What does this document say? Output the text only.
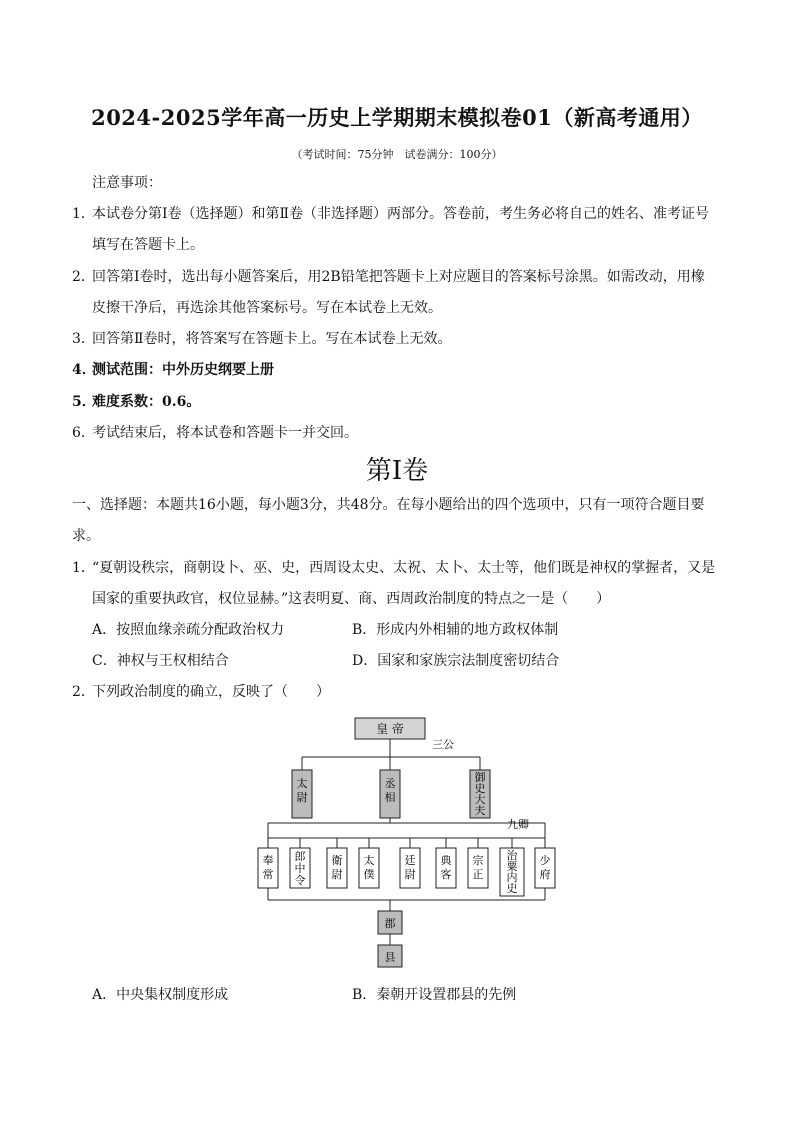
2024-2025学年高一历史上学期期末模拟卷01（新高考通用）
（考试时间：75分钟　试卷满分：100分）
注意事项：
1．
本试卷分第Ⅰ卷（选择题）和第Ⅱ卷（非选择题）两部分。答卷前，考生务必将自己的姓名、准考证号
填写在答题卡上。
2．
回答第Ⅰ卷时，选出每小题答案后，用2B铅笔把答题卡上对应题目的答案标号涂黑。如需改动，用橡
皮擦干净后，再选涂其他答案标号。写在本试卷上无效。
3．
回答第Ⅱ卷时，将答案写在答题卡上。写在本试卷上无效。
4．
测试范围：中外历史纲要上册
5．
难度系数：0.6。
6．
考试结束后，将本试卷和答题卡一并交回。
第Ⅰ卷
一、选择题：本题共16小题，每小题3分，共48分。在每小题给出的四个选项中，只有一项符合题目要
求。
1．
“夏朝设秩宗，商朝设卜、巫、史，西周设太史、太祝、太卜、太士等，他们既是神权的掌握者，又是
国家的重要执政官，权位显赫。”这表明夏、商、西周政治制度的特点之一是（　　）
A．按照血缘亲疏分配政治权力	B．形成内外相辅的地方政权体制
C．神权与王权相结合	D．国家和家族宗法制度密切结合
2．
下列政治制度的确立，反映了（　　）
皇 帝
三公
太
尉
丞
相
御
史
大
夫
九卿
奉
常
郎
中
令
衛
尉
太
僕
廷
尉
典
客
宗
正
治
粟
内
史
少
府
郡
县
A．中央集权制度形成	B．秦朝开设置郡县的先例
